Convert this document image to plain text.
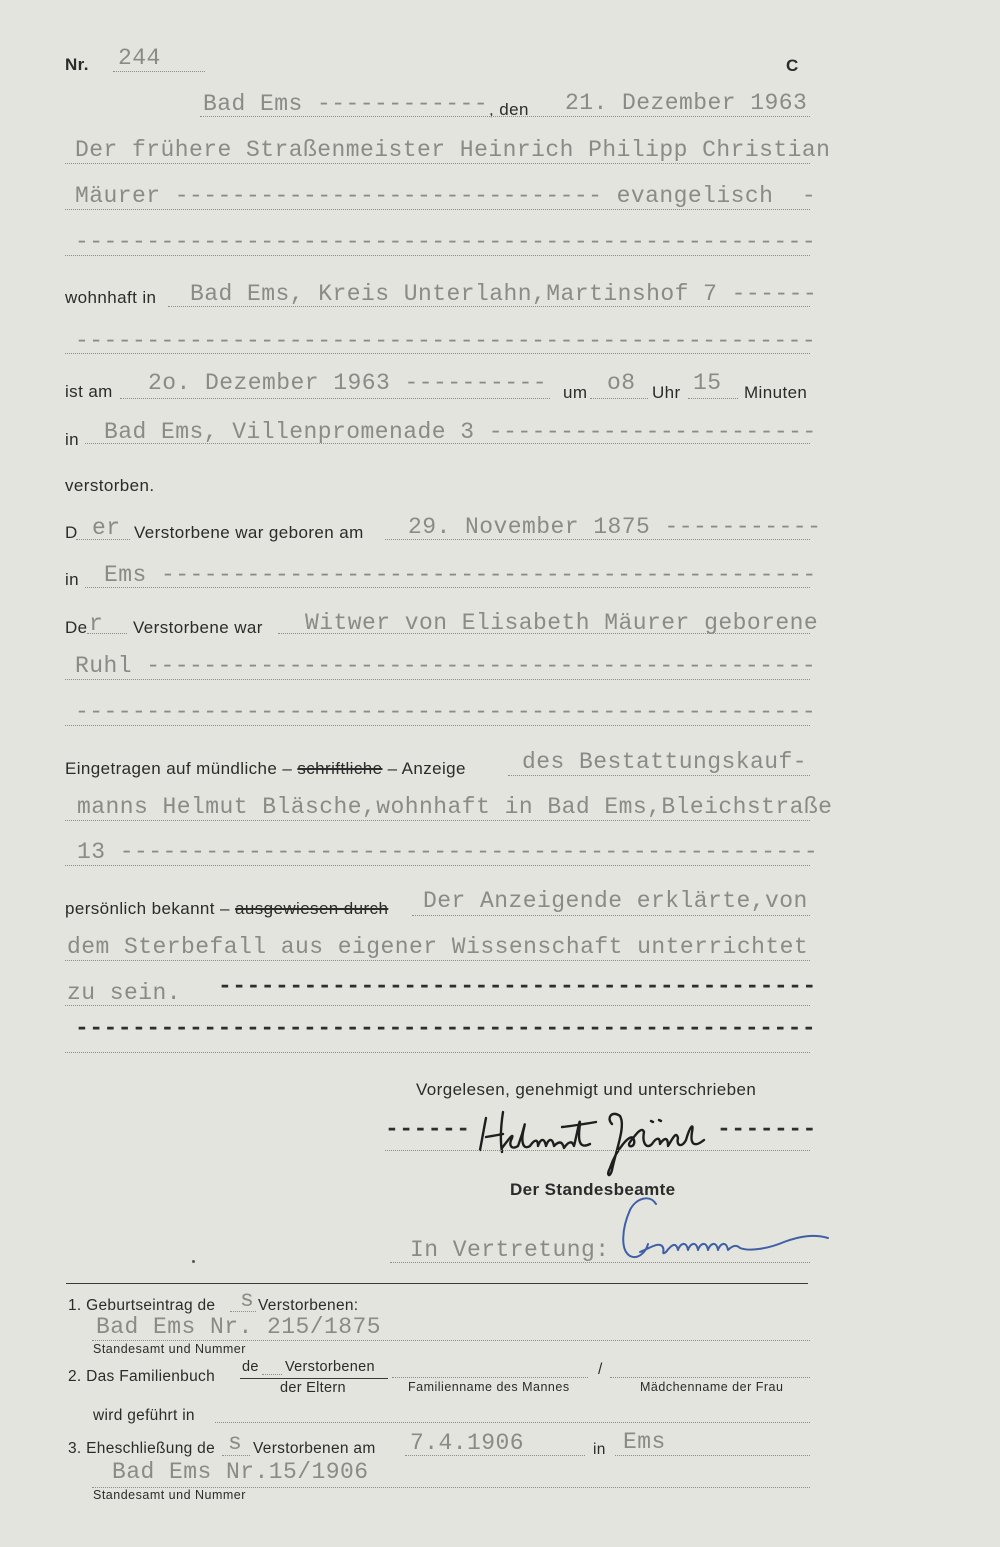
Nr. 244	C
Bad Ems ------------ , den 21. Dezember 1963
Der frühere Straßenmeister Heinrich Philipp Christian
Mäurer ------------------------------ evangelisch  -
----------------------------------------------------
wohnhaft in Bad Ems, Kreis Unterlahn,Martinshof 7 ------
----------------------------------------------------
ist am 2o. Dezember 1963 ---------- um o8 Uhr 15 Minuten
in Bad Ems, Villenpromenade 3 -----------------------
verstorben.
D er Verstorbene war geboren am 29. November 1875 -----------
in Ems ----------------------------------------------
De r Verstorbene war Witwer von Elisabeth Mäurer geborene
Ruhl -----------------------------------------------
----------------------------------------------------
Eingetragen auf mündliche – schriftliche – Anzeige des Bestattungskauf-
manns Helmut Bläsche,wohnhaft in Bad Ems,Bleichstraße
13 -------------------------------------------------
persönlich bekannt – ausgewiesen durch Der Anzeigende erklärte,von
dem Sterbefall aus eigener Wissenschaft unterrichtet
zu sein. ------------------------------------------
----------------------------------------------------
Vorgelesen, genehmigt und unterschrieben
------	-------
Der Standesbeamte
In Vertretung:
1. Geburtseintrag de s Verstorbenen:
Bad Ems Nr. 215/1875
Standesamt und Nummer
2. Das Familienbuch
de Verstorbenen
der Eltern
/
Familienname des Mannes	Mädchenname der Frau
wird geführt in
3. Eheschließung de s Verstorbenen am 7.4.1906	in Ems
Bad Ems Nr.15/1906
Standesamt und Nummer
